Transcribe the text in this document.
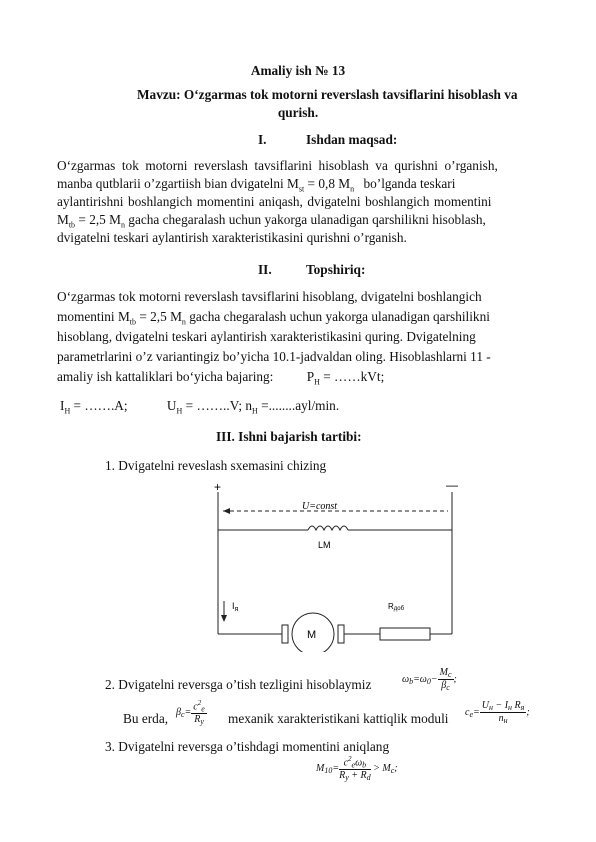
Amaliy ish № 13
Mavzu: O‘zgarmas tok motorni reverslash tavsiflarini hisoblash va
qurish.
I.	Ishdan maqsad:
O‘zgarmas tok motorni reverslash tavsiflarini hisoblash va qurishni o’rganish,
manba qutblarii o’zgartiish bian dvigatelni $M_{st} = 0,8$ $M_n$ bo’lganda teskari
aylantirishni boshlangich momentini aniqash, dvigatelni boshlangich momentini
$M_{tb} = 2,5$ $M_n$ gacha chegaralash uchun yakorga ulanadigan qarshilikni hisoblash,
dvigatelni teskari aylantirish xarakteristikasini qurishni o’rganish.
II.	Topshiriq:
O‘zgarmas tok motorni reverslash tavsiflarini hisoblang, dvigatelni boshlangich
momentini $M_{tb} = 2,5$ $M_n$ gacha chegaralash uchun yakorga ulanadigan qarshilikni
hisoblang, dvigatelni teskari aylantirish xarakteristikasini quring. Dvigatelning
parametrlarini o’z variantingiz bo’yicha 10.1-jadvaldan oling. Hisoblashlarni 11 -
amaliy ish kattaliklari bo‘yicha bajaring:	$P_H$ = ……kVt;
$I_H$ = …….A;	$U_H$ = ……..V; $n_H =........ayl/\min$.
III. Ishni bajarish tartibi:
1. Dvigatelni reveslash sxemasini chizing
+	—
U=const
LM
$I_я$
M
Rдоб
2. Dvigatelni reversga o’tish tezligini hisoblaymiz	$\omega_b=\omega_0- \frac{M_c}{\beta_c}$ ;
Bu erda, $\beta_c= \frac{c^2_e}{R_y}$ mexanik xarakteristikani kattiqlik moduli $c_e= \frac{U_н - I_н R_я}{n_н}$ ;
3. Dvigatelni reversga o’tishdagi momentini aniqlang
$M_{10}= \frac{c^2_e\omega_b}{R_y + R_d} > M_c$;
